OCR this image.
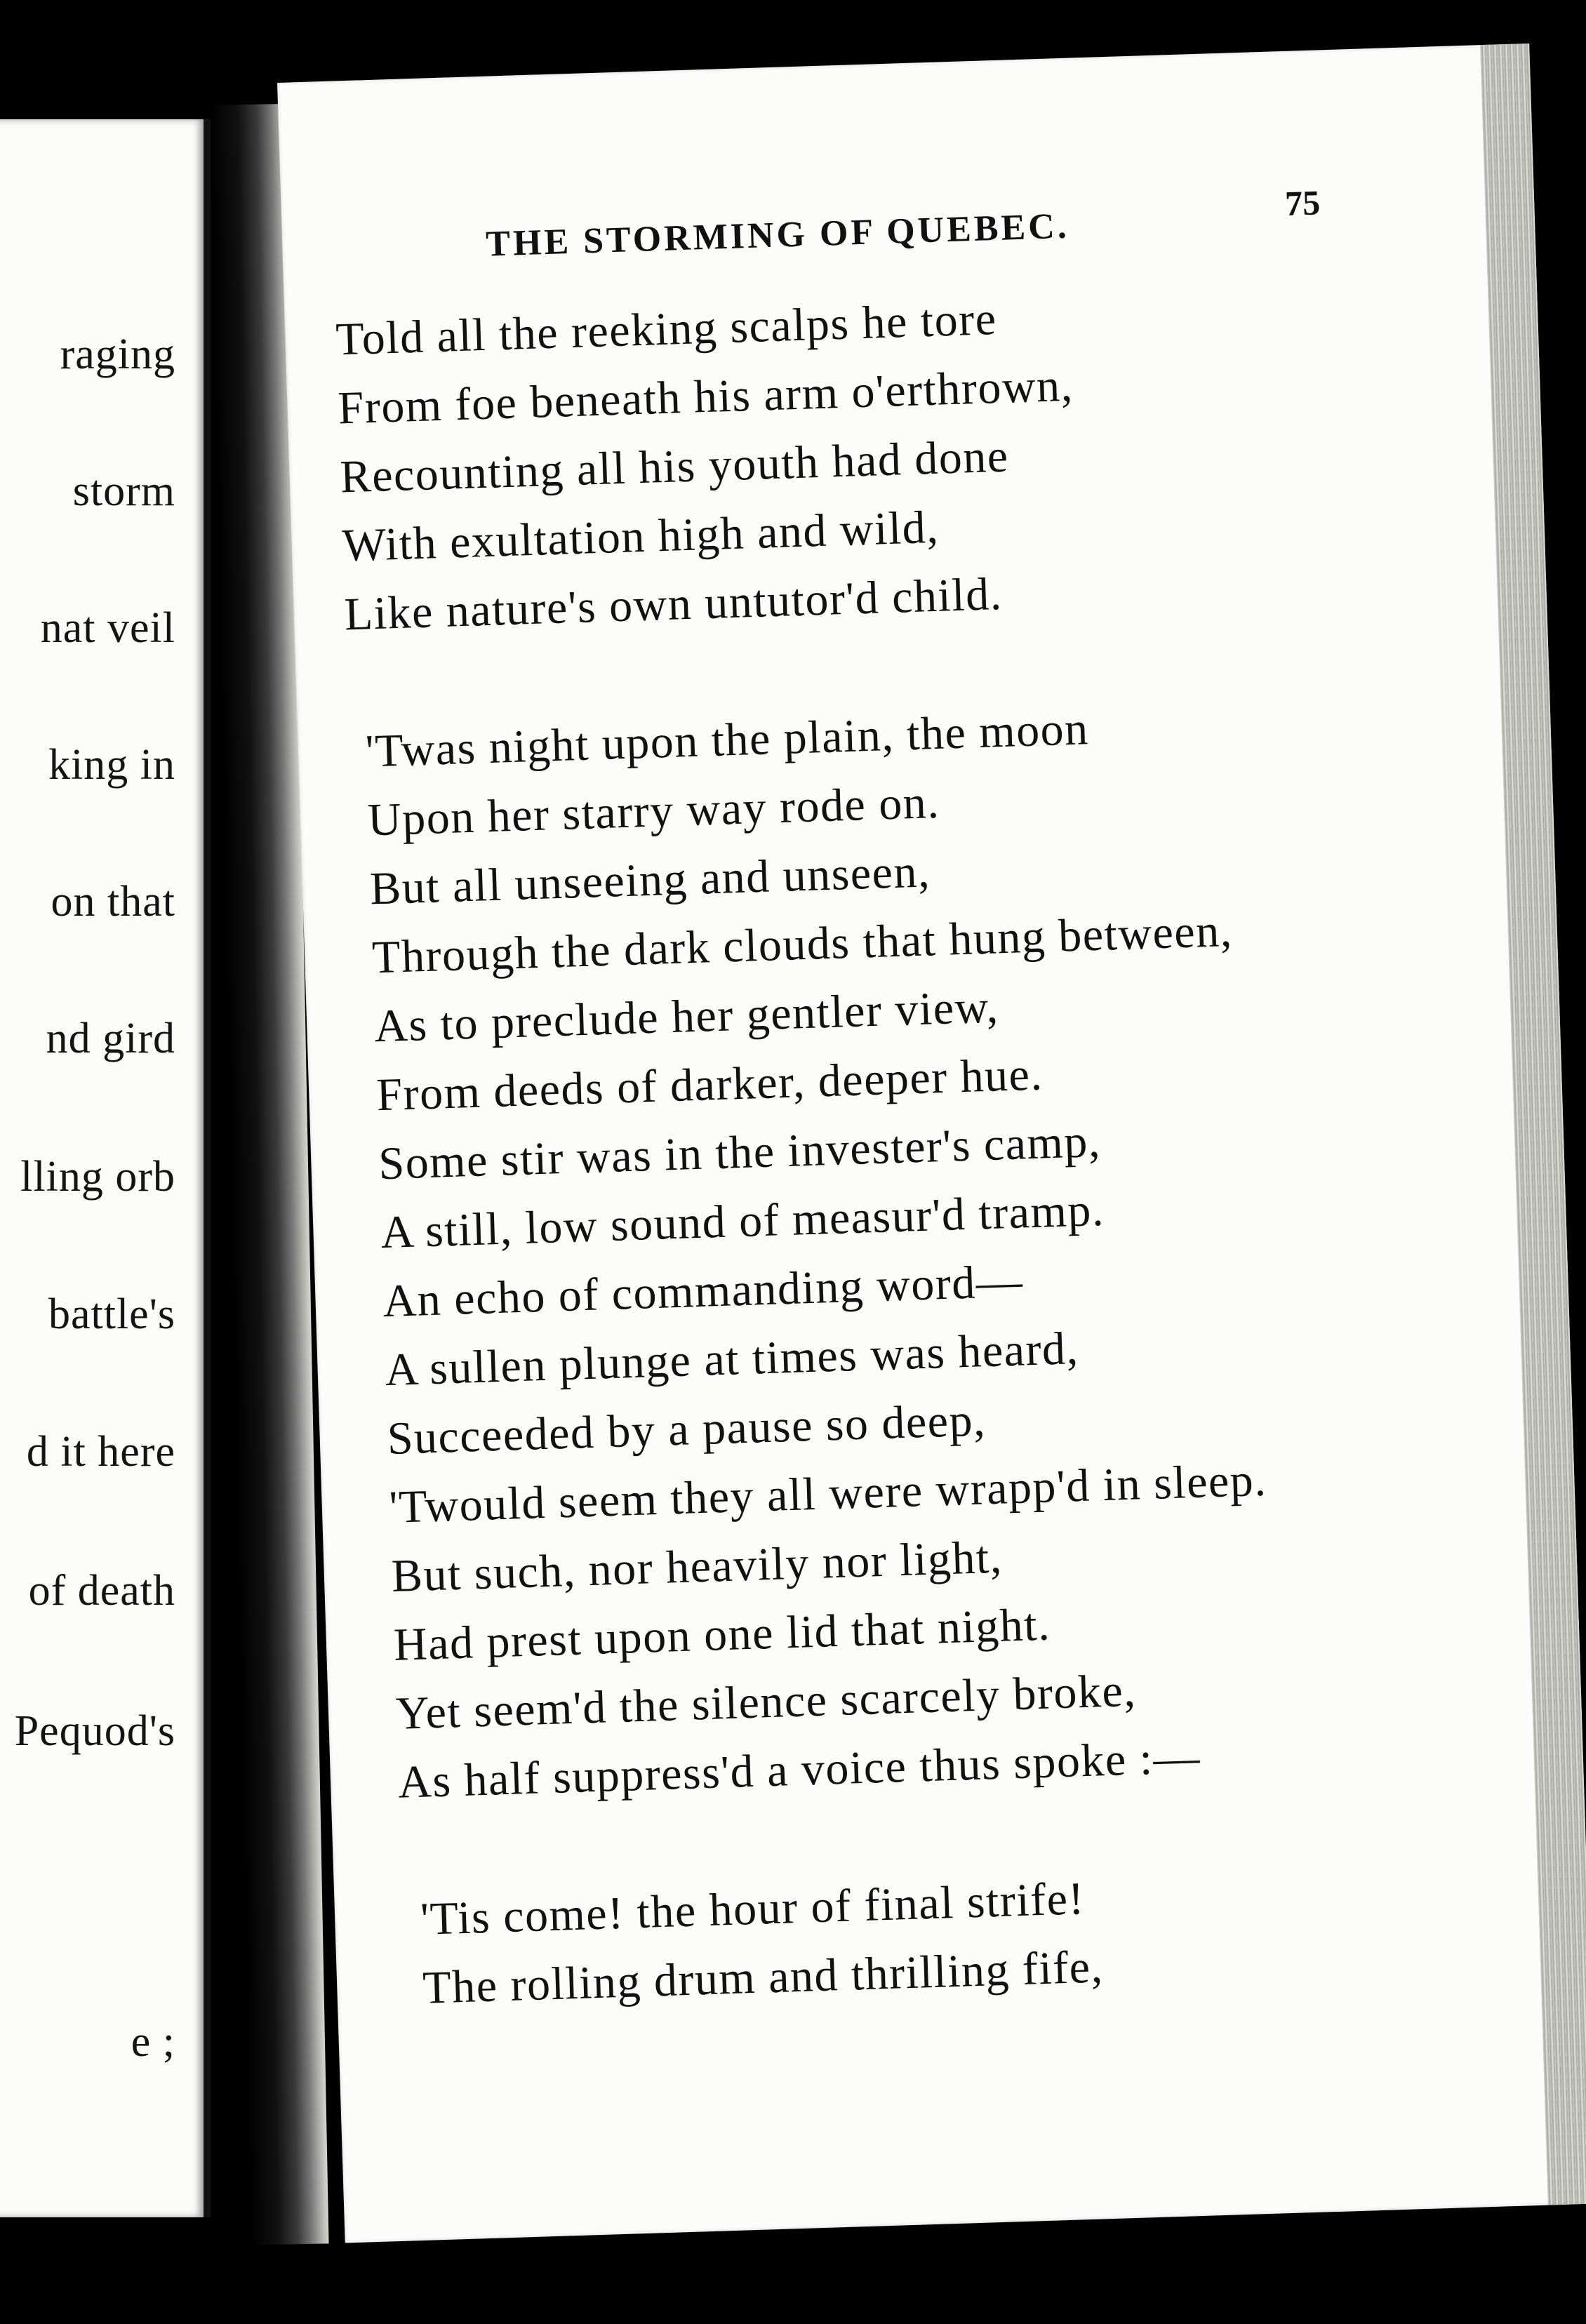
raging
storm
nat veil
king in
on that
nd gird
lling orb
battle's
d it here
of death
Pequod's
e ;
THE STORMING OF QUEBEC.
75
Told all the reeking scalps he tore
From foe beneath his arm o'erthrown,
Recounting all his youth had done
With exultation high and wild,
Like nature's own untutor'd child.
'Twas night upon the plain, the moon
Upon her starry way rode on.
But all unseeing and unseen,
Through the dark clouds that hung between,
As to preclude her gentler view,
From deeds of darker, deeper hue.
Some stir was in the invester's camp,
A still, low sound of measur'd tramp.
An echo of commanding word—
A sullen plunge at times was heard,
Succeeded by a pause so deep,
'Twould seem they all were wrapp'd in sleep.
But such, nor heavily nor light,
Had prest upon one lid that night.
Yet seem'd the silence scarcely broke,
As half suppress'd a voice thus spoke :—
'Tis come! the hour of final strife!
The rolling drum and thrilling fife,
